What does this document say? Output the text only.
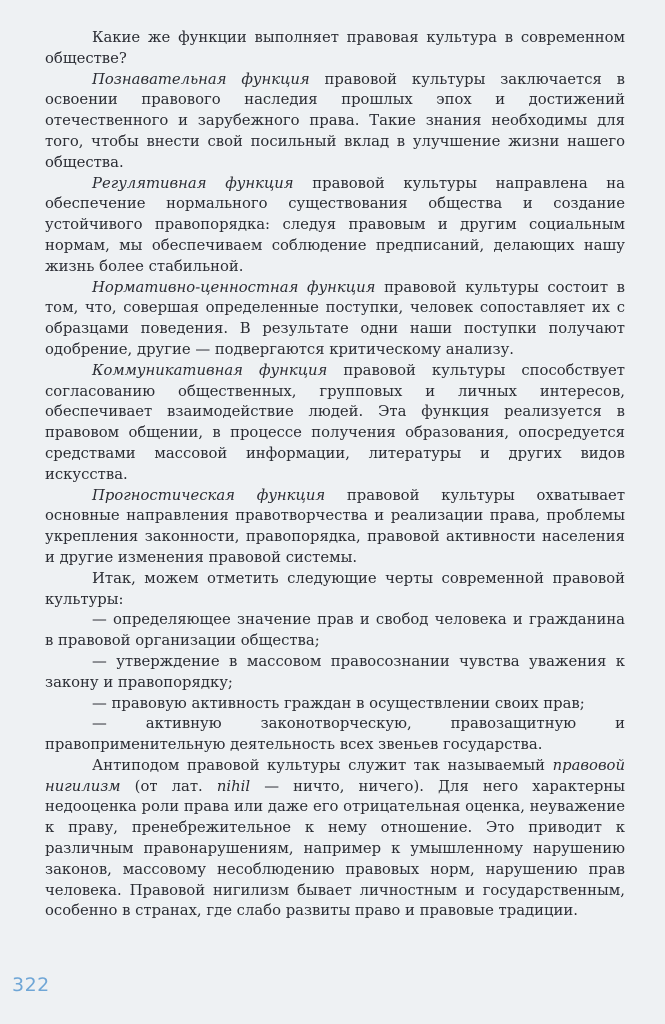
Какие же функции выполняет правовая культура в современном обществе?

Познавательная функция правовой культуры заключается в освоении правового наследия прошлых эпох и достижений отечественного и зарубежного права. Такие знания необходимы для того, чтобы внести свой посильный вклад в улучшение жизни нашего общества.

Регулятивная функция правовой культуры направлена на обеспечение нормального существования общества и создание устойчивого правопорядка: следуя правовым и другим социальным нормам, мы обеспечиваем соблюдение предписаний, делающих нашу жизнь более стабильной.

Нормативно-ценностная функция правовой культуры состоит в том, что, совершая определенные поступки, человек сопоставляет их с образцами поведения. В результате одни наши поступки получают одобрение, другие — подвергаются критическому анализу.

Коммуникативная функция правовой культуры способствует согласованию общественных, групповых и личных интересов, обеспечивает взаимодействие людей. Эта функция реализуется в правовом общении, в процессе получения образования, опосредуется средствами массовой информации, литературы и других видов искусства.

Прогностическая функция правовой культуры охватывает основные направления правотворчества и реализации права, проблемы укрепления законности, правопорядка, правовой активности населения и другие изменения правовой системы.

Итак, можем отметить следующие черты современной правовой культуры:

— определяющее значение прав и свобод человека и гражданина в правовой организации общества;

— утверждение в массовом правосознании чувства уважения к закону и правопорядку;

— правовую активность граждан в осуществлении своих прав;

— активную законотворческую, правозащитную и правоприменительную деятельность всех звеньев государства.

Антиподом правовой культуры служит так называемый правовой нигилизм (от лат. nihil — ничто, ничего). Для него характерны недооценка роли права или даже его отрицательная оценка, неуважение к праву, пренебрежительное к нему отношение. Это приводит к различным правонарушениям, например к умышленному нарушению законов, массовому несоблюдению правовых норм, нарушению прав человека. Правовой нигилизм бывает личностным и государственным, особенно в странах, где слабо развиты право и правовые традиции.

322
